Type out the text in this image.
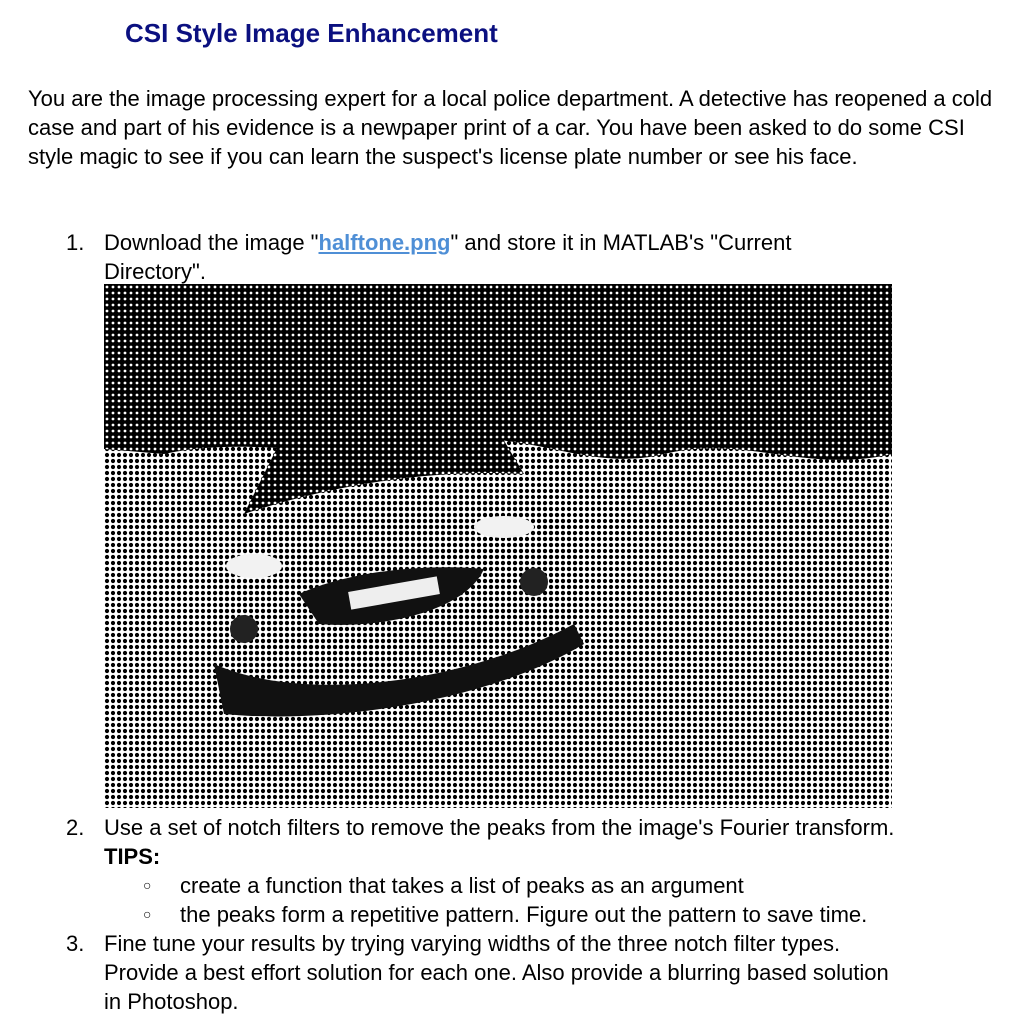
CSI Style Image Enhancement
You are the image processing expert for a local police department. A detective has reopened a cold case and part of his evidence is a newpaper print of a car. You have been asked to do some CSI style magic to see if you can learn the suspect's license plate number or see his face.
1. Download the image "halftone.png" and store it in MATLAB's "Current
Directory".
2. Use a set of notch filters to remove the peaks from the image's Fourier transform.
TIPS:
○ create a function that takes a list of peaks as an argument
○ the peaks form a repetitive pattern. Figure out the pattern to save time.
3. Fine tune your results by trying varying widths of the three notch filter types.
Provide a best effort solution for each one. Also provide a blurring based solution
in Photoshop.
